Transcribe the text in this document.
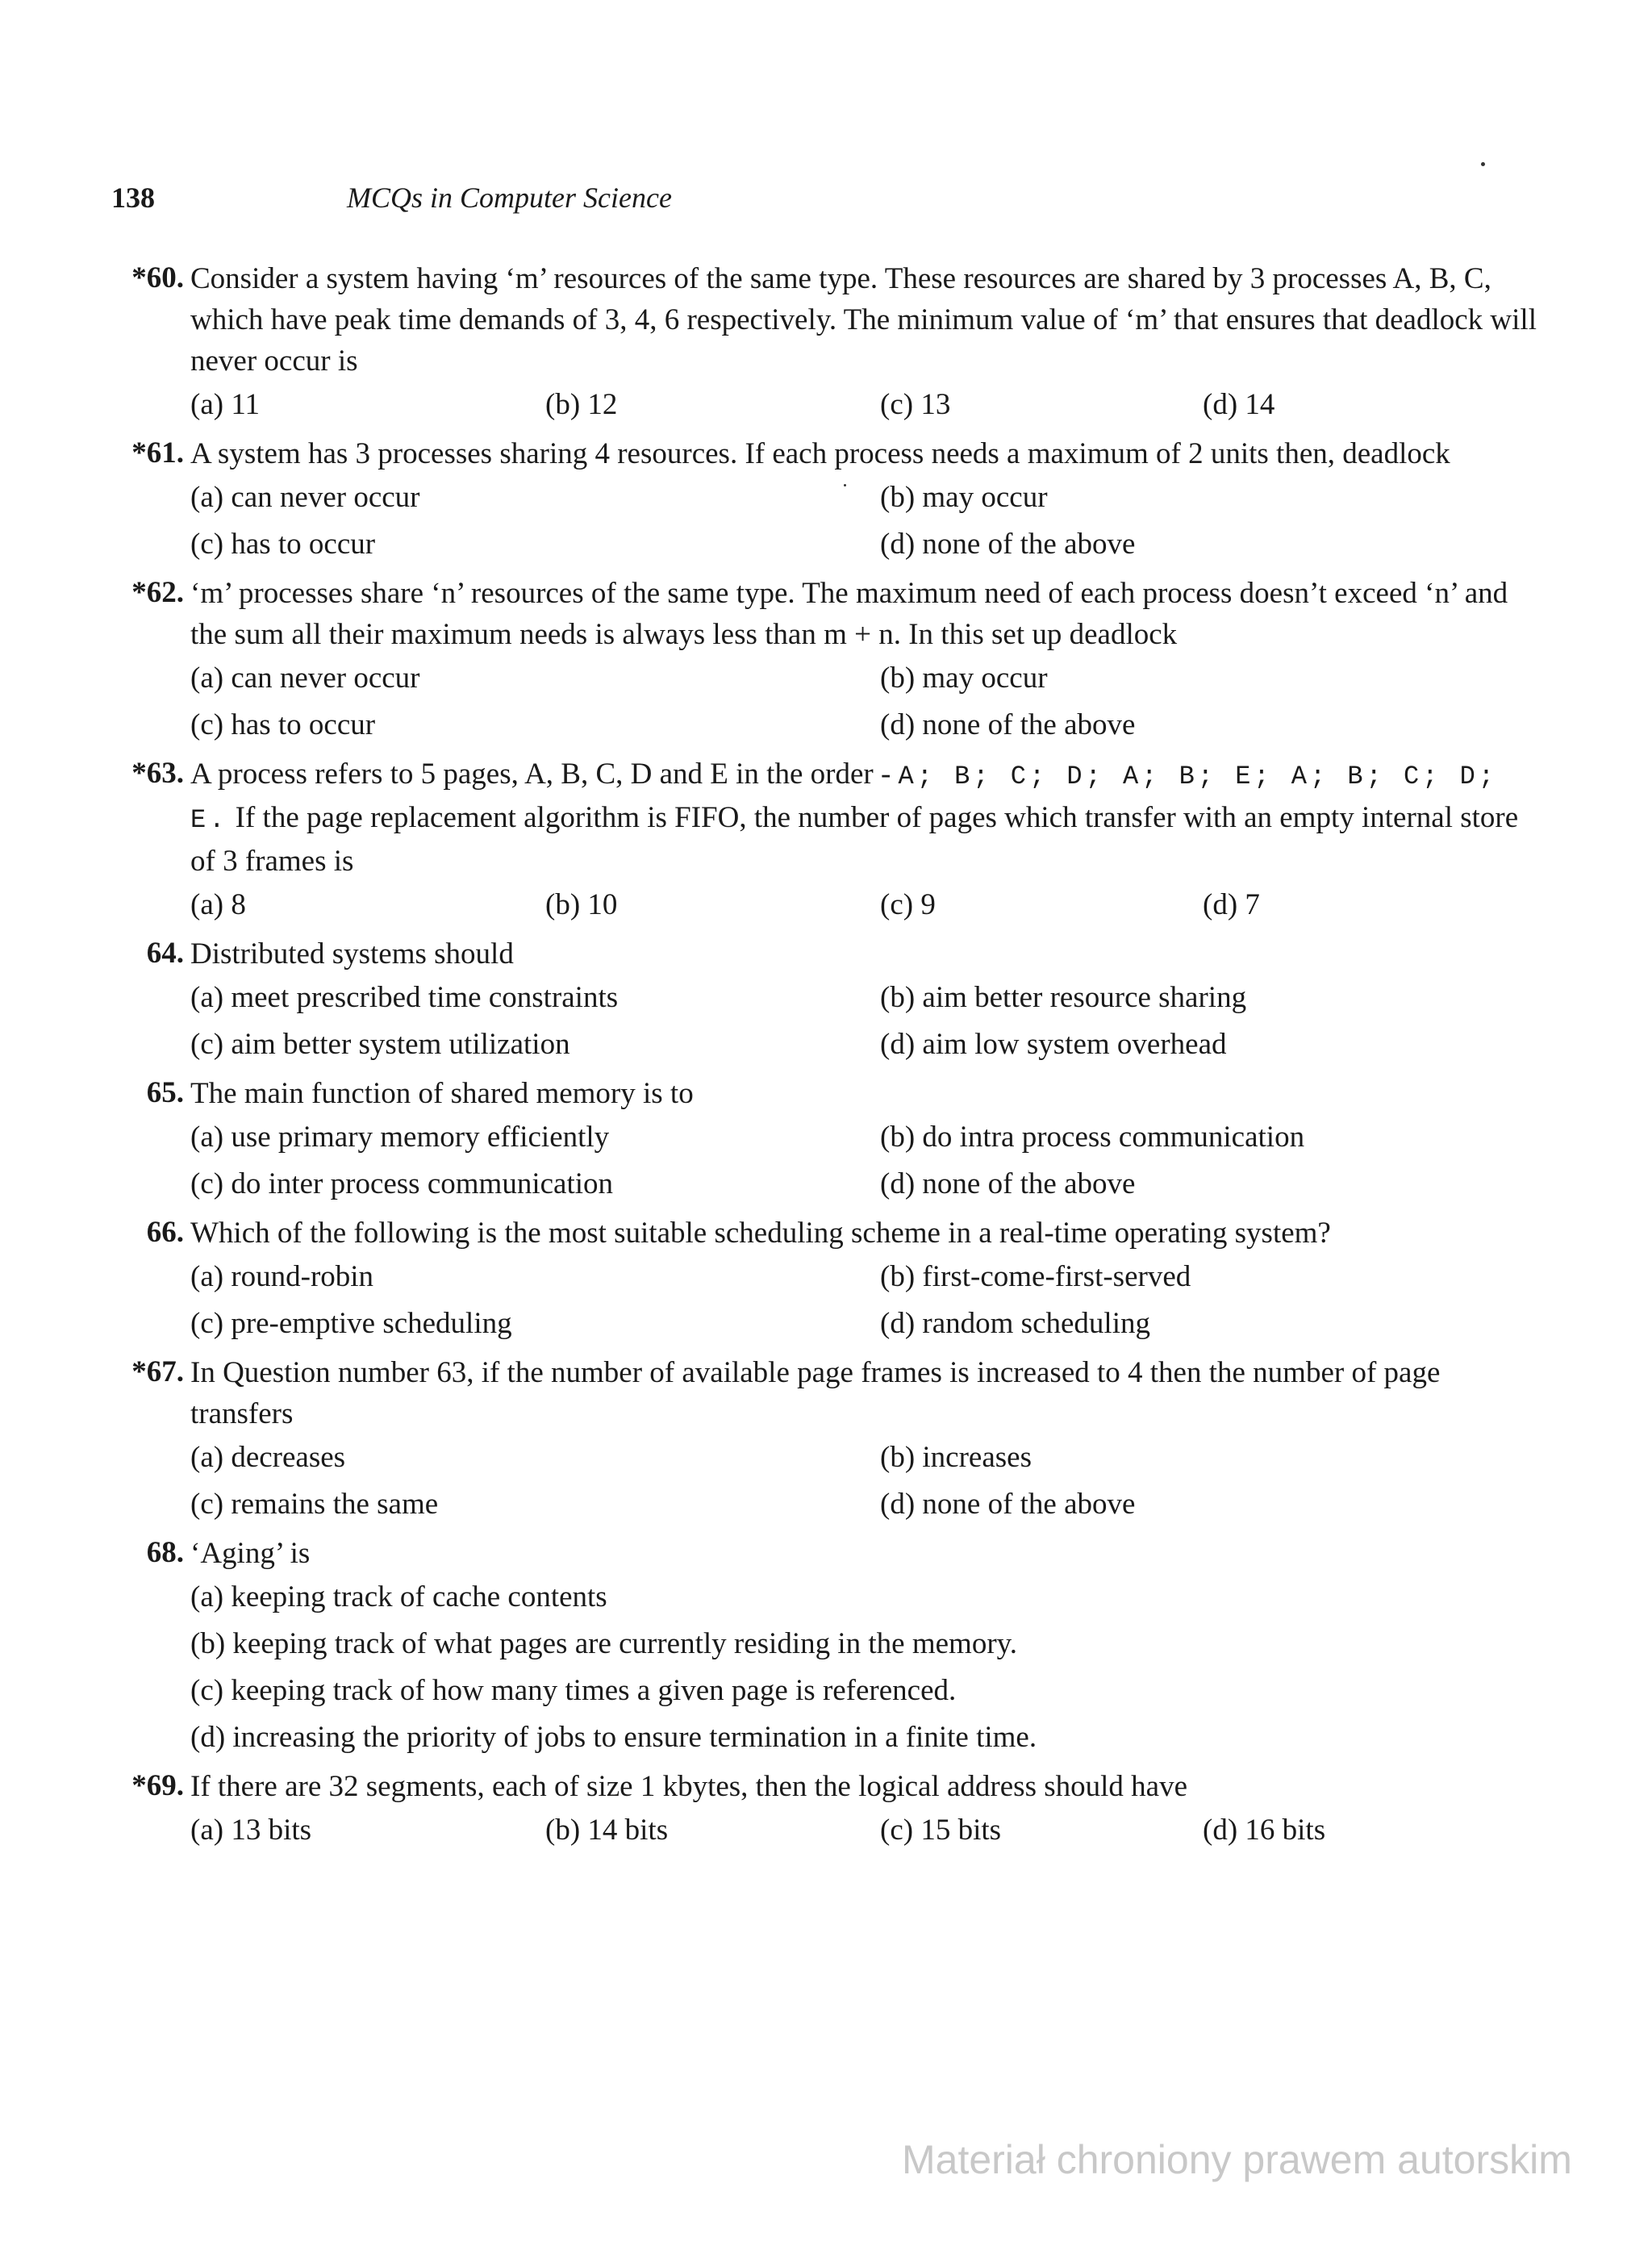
138	MCQs in Computer Science
*60. Consider a system having ‘m’ resources of the same type. These resources are shared by 3 processes A, B, C, which have peak time demands of 3, 4, 6 respectively. The minimum value of ‘m’ that ensures that deadlock will never occur is
(a) 11	(b) 12	(c) 13	(d) 14
*61. A system has 3 processes sharing 4 resources. If each process needs a maximum of 2 units then, deadlock
(a) can never occur	(b) may occur
(c) has to occur	(d) none of the above
*62. ‘m’ processes share ‘n’ resources of the same type. The maximum need of each process doesn’t exceed ‘n’ and the sum all their maximum needs is always less than m + n. In this set up deadlock
(a) can never occur	(b) may occur
(c) has to occur	(d) none of the above
*63. A process refers to 5 pages, A, B, C, D and E in the order - A; B; C; D; A; B; E; A; B; C; D; E. If the page replacement algorithm is FIFO, the number of pages which transfer with an empty internal store of 3 frames is
(a) 8	(b) 10	(c) 9	(d) 7
64. Distributed systems should
(a) meet prescribed time constraints	(b) aim better resource sharing
(c) aim better system utilization	(d) aim low system overhead
65. The main function of shared memory is to
(a) use primary memory efficiently	(b) do intra process communication
(c) do inter process communication	(d) none of the above
66. Which of the following is the most suitable scheduling scheme in a real-time operating system?
(a) round-robin	(b) first-come-first-served
(c) pre-emptive scheduling	(d) random scheduling
*67. In Question number 63, if the number of available page frames is increased to 4 then the number of page transfers
(a) decreases	(b) increases
(c) remains the same	(d) none of the above
68. ‘Aging’ is
(a) keeping track of cache contents
(b) keeping track of what pages are currently residing in the memory.
(c) keeping track of how many times a given page is referenced.
(d) increasing the priority of jobs to ensure termination in a finite time.
*69. If there are 32 segments, each of size 1 kbytes, then the logical address should have
(a) 13 bits	(b) 14 bits	(c) 15 bits	(d) 16 bits
Materiał chroniony prawem autorskim
